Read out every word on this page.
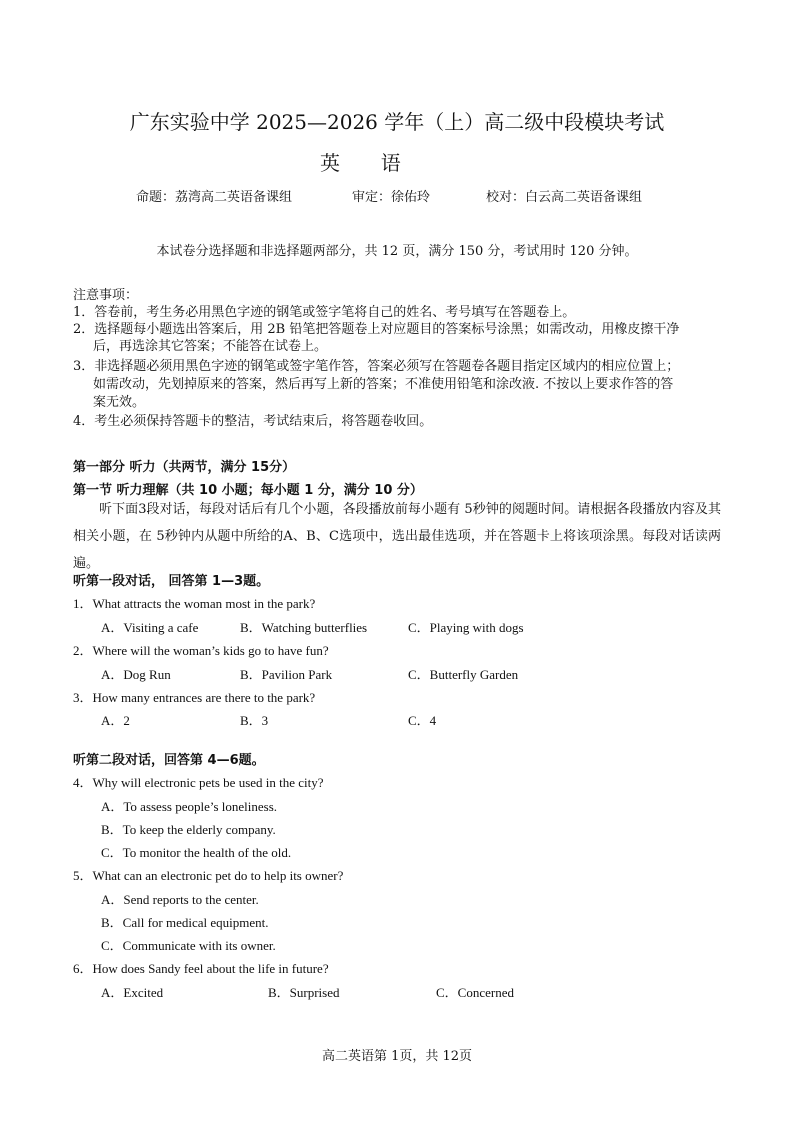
广东实验中学 2025—2026 学年（上）高二级中段模块考试
英 语
命题：荔湾高二英语备课组	审定：徐佑玲	校对：白云高二英语备课组
本试卷分选择题和非选择题两部分，共 12 页，满分 150 分，考试用时 120 分钟。
注意事项：
1．答卷前，考生务必用黑色字迹的钢笔或签字笔将自己的姓名、考号填写在答题卷上。
2．选择题每小题选出答案后，用 2B 铅笔把答题卷上对应题目的答案标号涂黑；如需改动，用橡皮擦干净
后，再选涂其它答案；不能答在试卷上。
3．非选择题必须用黑色字迹的钢笔或签字笔作答，答案必须写在答题卷各题目指定区域内的相应位置上；
如需改动，先划掉原来的答案，然后再写上新的答案；不准使用铅笔和涂改液. 不按以上要求作答的答
案无效。
4．考生必须保持答题卡的整洁，考试结束后，将答题卷收回。
第一部分 听力（共两节，满分 15分）
第一节 听力理解（共 10 小题；每小题 1 分，满分 10 分）
听下面3段对话，每段对话后有几个小题，各段播放前每小题有 5秒钟的阅题时间。请根据各段播放内容及其相关小题，在 5秒钟内从题中所给的A、B、C选项中，选出最佳选项，并在答题卡上将该项涂黑。每段对话读两遍。
听第一段对话， 回答第 1—3题。
1．What attracts the woman most in the park?
A．Visiting a cafe	B．Watching butterflies	C．Playing with dogs
2．Where will the woman’s kids go to have fun?
A．Dog Run	B．Pavilion Park	C．Butterfly Garden
3．How many entrances are there to the park?
A．2	B．3	C．4
听第二段对话，回答第 4—6题。
4．Why will electronic pets be used in the city?
A．To assess people’s loneliness.
B．To keep the elderly company.
C．To monitor the health of the old.
5．What can an electronic pet do to help its owner?
A．Send reports to the center.
B．Call for medical equipment.
C．Communicate with its owner.
6．How does Sandy feel about the life in future?
A．Excited	B．Surprised	C．Concerned
高二英语第 1页，共 12页
